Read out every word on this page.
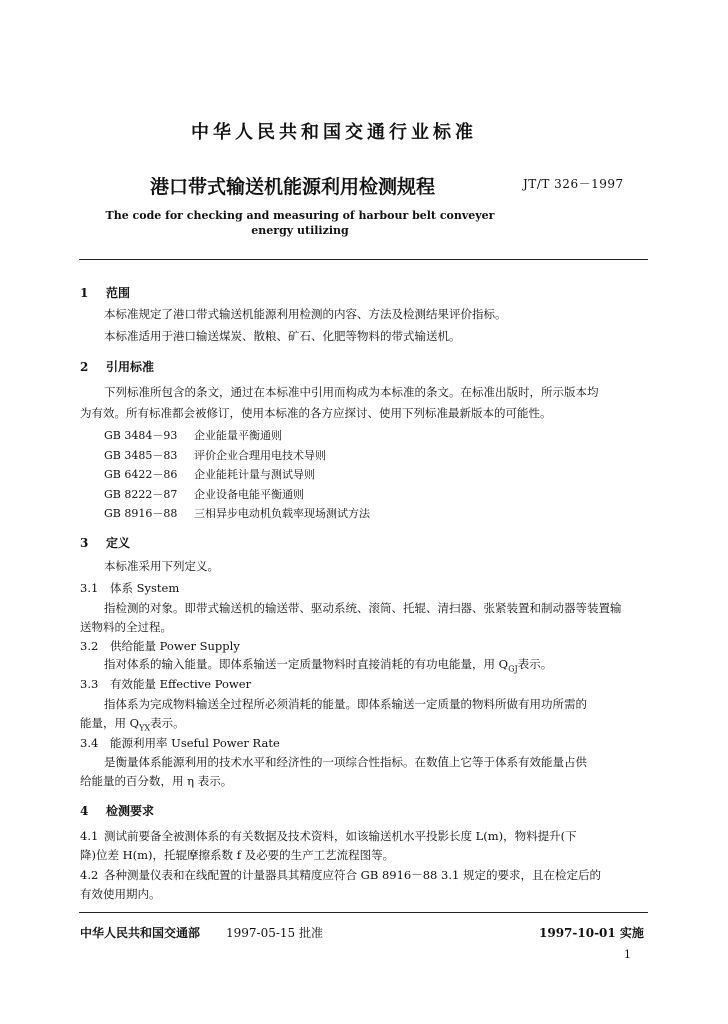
中华人民共和国交通行业标准
港口带式输送机能源利用检测规程	JT/T 326－1997
The code for checking and measuring of harbour belt conveyer
energy utilizing
1 范围
本标准规定了港口带式输送机能源利用检测的内容、方法及检测结果评价指标。
本标准适用于港口输送煤炭、散粮、矿石、化肥等物料的带式输送机。
2 引用标准
下列标准所包含的条文，通过在本标准中引用而构成为本标准的条文。在标准出版时，所示版本均
为有效。所有标准都会被修订，使用本标准的各方应探讨、使用下列标准最新版本的可能性。
GB 3484－93 企业能量平衡通则
GB 3485－83 评价企业合理用电技术导则
GB 6422－86 企业能耗计量与测试导则
GB 8222－87 企业设备电能平衡通则
GB 8916－88 三相异步电动机负载率现场测试方法
3 定义
本标准采用下列定义。
3.1 体系 System
指检测的对象。即带式输送机的输送带、驱动系统、滚筒、托辊、清扫器、张紧装置和制动器等装置输
送物料的全过程。
3.2 供给能量 Power Supply
指对体系的输入能量。即体系输送一定质量物料时直接消耗的有功电能量，用 $Q_{GJ}$表示。
3.3 有效能量 Effective Power
指体系为完成物料输送全过程所必须消耗的能量。即体系输送一定质量的物料所做有用功所需的
能量，用 $Q_{YX}$表示。
3.4 能源利用率 Useful Power Rate
是衡量体系能源利用的技术水平和经济性的一项综合性指标。在数值上它等于体系有效能量占供
给能量的百分数，用 η 表示。
4 检测要求
4.1 测试前要备全被测体系的有关数据及技术资料，如该输送机水平投影长度 L(m)，物料提升(下
降)位差 H(m)，托辊摩擦系数 f 及必要的生产工艺流程图等。
4.2 各种测量仪表和在线配置的计量器具其精度应符合 GB 8916－88 3.1 规定的要求，且在检定后的
有效使用期内。
中华人民共和国交通部 1997-05-15 批准	1997-10-01 实施
1
